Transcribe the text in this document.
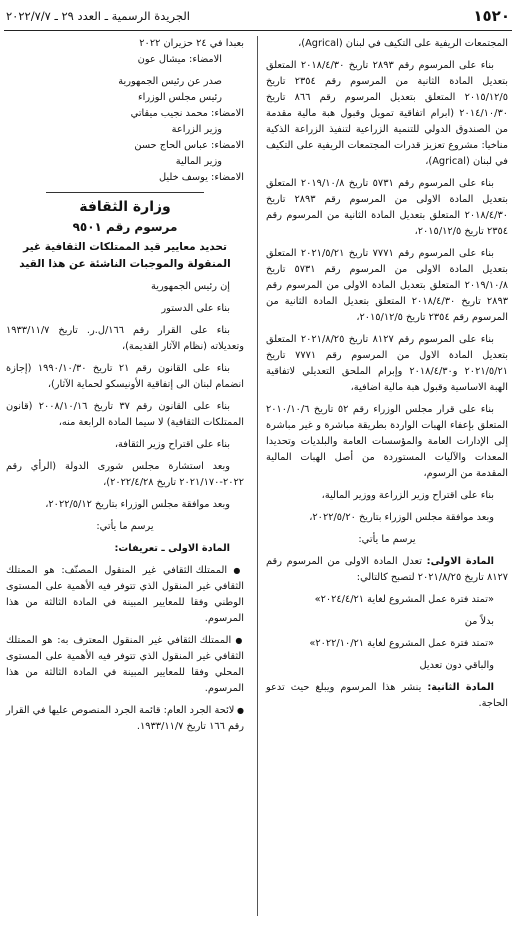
الجريدة الرسمية ـ العدد ٢٩ ـ ٢٠٢٢/٧/٧	١٥٢٠

المجتمعات الريفية على التكيف في لبنان (Agrical)،

بناء على المرسوم رقم ٢٨٩٣ تاريخ ٢٠١٨/٤/٣٠ المتعلق بتعديل المادة الثانية من المرسوم رقم ٢٣٥٤ تاريخ ٢٠١٥/١٢/٥ المتعلق بتعديل المرسوم رقم ٨٦٦ تاريخ ٢٠١٤/١٠/٣٠ (ابرام اتفاقية تمويل وقبول هبة مالية مقدمة من الصندوق الدولي للتنمية الزراعية لتنفيذ الزراعة الذكية مناخيا: مشروع تعزيز قدرات المجتمعات الريفية على التكيف في لبنان (Agrical)،

بناء على المرسوم رقم ٥٧٣١ تاريخ ٢٠١٩/١٠/٨ المتعلق بتعديل المادة الاولى من المرسوم رقم ٢٨٩٣ تاريخ ٢٠١٨/٤/٣٠ المتعلق بتعديل المادة الثانية من المرسوم رقم ٢٣٥٤ تاريخ ٢٠١٥/١٢/٥،

بناء على المرسوم رقم ٧٧٧١ تاريخ ٢٠٢١/٥/٢١ المتعلق بتعديل المادة الاولى من المرسوم رقم ٥٧٣١ تاريخ ٢٠١٩/١٠/٨ المتعلق بتعديل المادة الاولى من المرسوم رقم ٢٨٩٣ تاريخ ٢٠١٨/٤/٣٠ المتعلق بتعديل المادة الثانية من المرسوم رقم ٢٣٥٤ تاريخ ٢٠١٥/١٢/٥،

بناء على المرسوم رقم ٨١٢٧ تاريخ ٢٠٢١/٨/٢٥ المتعلق بتعديل المادة الاول من المرسوم رقم ٧٧٧١ تاريخ ٢٠٢١/٥/٢١ و٢٠١٨/٤/٣٠ وإبرام الملحق التعديلي لاتفاقية الهبة الاساسية وقبول هبة مالية اضافية،

بناء على قرار مجلس الوزراء رقم ٥٢ تاريخ ٢٠١٠/١٠/٦ المتعلق بإعفاء الهبات الواردة بطريقة مباشرة و غير مباشرة إلى الإدارات العامة والمؤسسات العامة والبلديات وتحديدا المعدات والآليات المستوردة من أصل الهبات المالية المقدمة من الرسوم،

بناء على اقتراح وزير الزراعة ووزير المالية،

وبعد موافقة مجلس الوزراء بتاريخ ٢٠٢٢/٥/٢٠،

يرسم ما يأتي:

المادة الاولى: تعدل المادة الاولى من المرسوم رقم ٨١٢٧ تاريخ ٢٠٢١/٨/٢٥ لتصبح كالتالي:

«تمتد فترة عمل المشروع لغاية ٢٠٢٤/٤/٢١»

بدلاً من

«تمتد فترة عمل المشروع لغاية ٢٠٢٢/١٠/٢١»

والباقي دون تعديل

المادة الثانية: ينشر هذا المرسوم ويبلغ حيث تدعو الحاجة.

بعبدا في ٢٤ حزيران ٢٠٢٢

الامضاء: ميشال عون

صدر عن رئيس الجمهورية

رئيس مجلس الوزراء

الامضاء: محمد نجيب ميقاتي

وزير الزراعة

الامضاء: عباس الحاج حسن

وزير المالية

الامضاء: يوسف خليل

وزارة الثقافة
مرسوم رقم ٩٥٠١
تحديد معايير قيد الممتلكات الثقافية غير المنقولة والموجبات الناشئة عن هذا القيد

إن رئيس الجمهورية

بناء على الدستور

بناء على القرار رقم ١٦٦/ل.ر. تاريخ ١٩٣٣/١١/٧ وتعديلاته (نظام الآثار القديمة)،

بناء على القانون رقم ٢١ تاريخ ١٩٩٠/١٠/٣٠ (إجازة انضمام لبنان الى إتفاقية الأونيسكو لحماية الآثار)،

بناء على القانون رقم ٣٧ تاريخ ٢٠٠٨/١٠/١٦ (قانون الممتلكات الثقافية) لا سيما المادة الرابعة منه،

بناء على اقتراح وزير الثقافة،

وبعد استشارة مجلس شورى الدولة (الرأي رقم ٢٠٢٢-٢٠٢١/١٧٠ تاريخ ٢٠٢٢/٤/٢٨)،

وبعد موافقة مجلس الوزراء بتاريخ ٢٠٢٢/٥/١٢،

يرسم ما يأتي:

المادة الاولى ـ تعريفات:

● الممتلك الثقافي غير المنقول المصنّف: هو الممتلك الثقافي غير المنقول الذي تتوفر فيه الأهمية على المستوى الوطني وفقا للمعايير المبينة في المادة الثالثة من هذا المرسوم.

● الممتلك الثقافي غير المنقول المعترف به: هو الممتلك الثقافي غير المنقول الذي تتوفر فيه الأهمية على المستوى المحلي وفقا للمعايير المبينة في المادة الثالثة من هذا المرسوم.

● لائحة الجرد العام: قائمة الجرد المنصوص عليها في القرار رقم ١٦٦ تاريخ ١٩٣٣/١١/٧.
